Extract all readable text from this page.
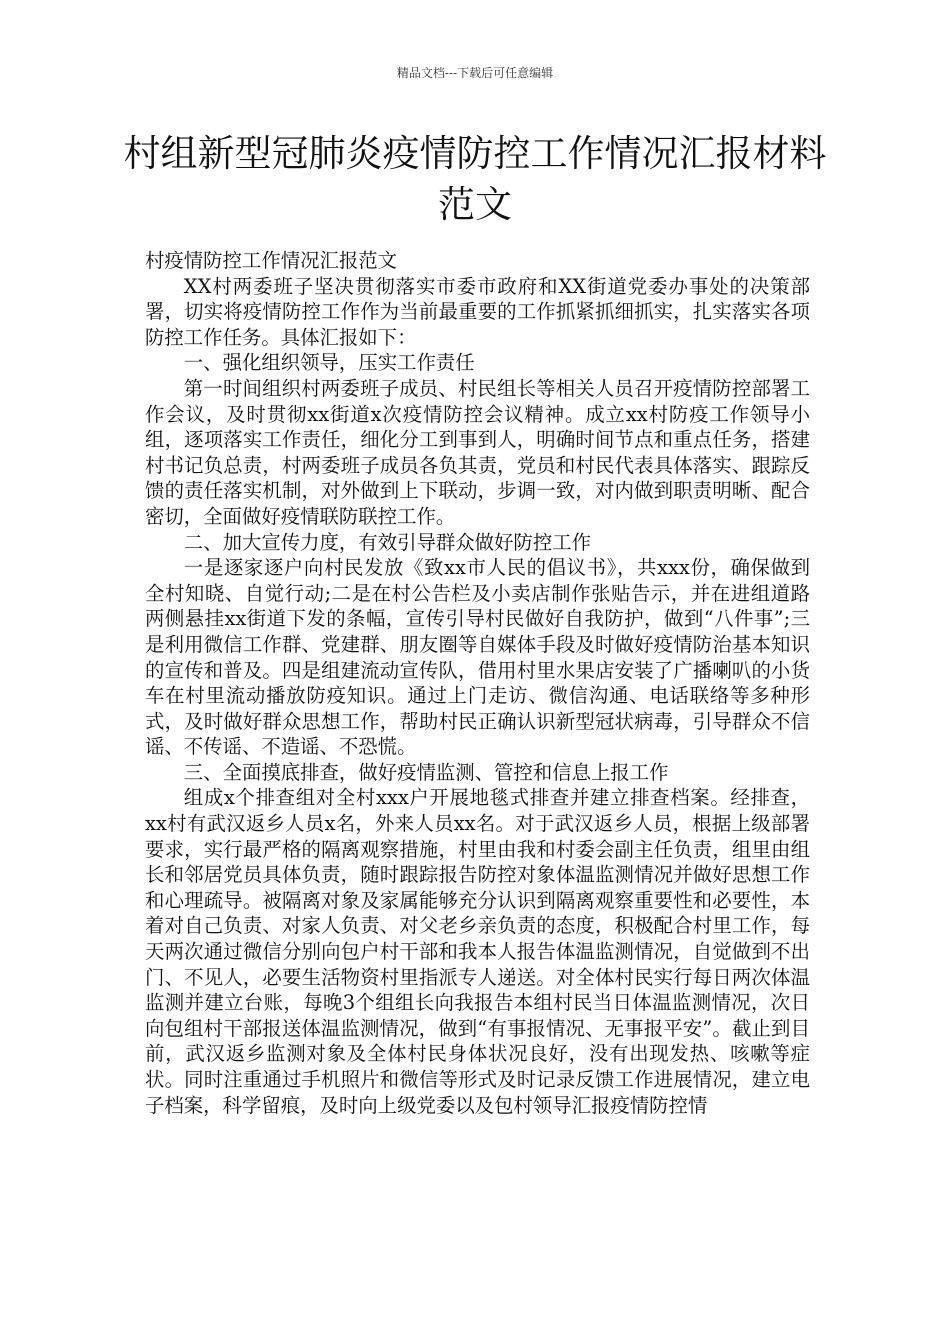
精品文档---下载后可任意编辑
村组新型冠肺炎疫情防控工作情况汇报材料范文

村疫情防控工作情况汇报范文

XX村两委班子坚决贯彻落实市委市政府和XX街道党委办事处的决策部署，切实将疫情防控工作作为当前最重要的工作抓紧抓细抓实，扎实落实各项防控工作任务。具体汇报如下：

一、强化组织领导，压实工作责任

第一时间组织村两委班子成员、村民组长等相关人员召开疫情防控部署工作会议，及时贯彻xx街道x次疫情防控会议精神。成立xx村防疫工作领导小组，逐项落实工作责任，细化分工到事到人，明确时间节点和重点任务，搭建村书记负总责，村两委班子成员各负其责，党员和村民代表具体落实、跟踪反馈的责任落实机制，对外做到上下联动，步调一致，对内做到职责明晰、配合密切，全面做好疫情联防联控工作。

二、加大宣传力度，有效引导群众做好防控工作

一是逐家逐户向村民发放《致xx市人民的倡议书》，共xxx份，确保做到全村知晓、自觉行动;二是在村公告栏及小卖店制作张贴告示，并在进组道路两侧悬挂xx街道下发的条幅，宣传引导村民做好自我防护，做到“八件事”;三是利用微信工作群、党建群、朋友圈等自媒体手段及时做好疫情防治基本知识的宣传和普及。四是组建流动宣传队，借用村里水果店安装了广播喇叭的小货车在村里流动播放防疫知识。通过上门走访、微信沟通、电话联络等多种形式，及时做好群众思想工作，帮助村民正确认识新型冠状病毒，引导群众不信谣、不传谣、不造谣、不恐慌。

三、全面摸底排查，做好疫情监测、管控和信息上报工作

组成x个排查组对全村xxx户开展地毯式排查并建立排查档案。经排查，xx村有武汉返乡人员x名，外来人员xx名。对于武汉返乡人员，根据上级部署要求，实行最严格的隔离观察措施，村里由我和村委会副主任负责，组里由组长和邻居党员具体负责，随时跟踪报告防控对象体温监测情况并做好思想工作和心理疏导。被隔离对象及家属能够充分认识到隔离观察重要性和必要性，本着对自己负责、对家人负责、对父老乡亲负责的态度，积极配合村里工作，每天两次通过微信分别向包户村干部和我本人报告体温监测情况，自觉做到不出门、不见人，必要生活物资村里指派专人递送。对全体村民实行每日两次体温监测并建立台账，每晚3个组组长向我报告本组村民当日体温监测情况，次日向包组村干部报送体温监测情况，做到“有事报情况、无事报平安”。截止到目前，武汉返乡监测对象及全体村民身体状况良好，没有出现发热、咳嗽等症状。同时注重通过手机照片和微信等形式及时记录反馈工作进展情况，建立电子档案，科学留痕，及时向上级党委以及包村领导汇报疫情防控情
